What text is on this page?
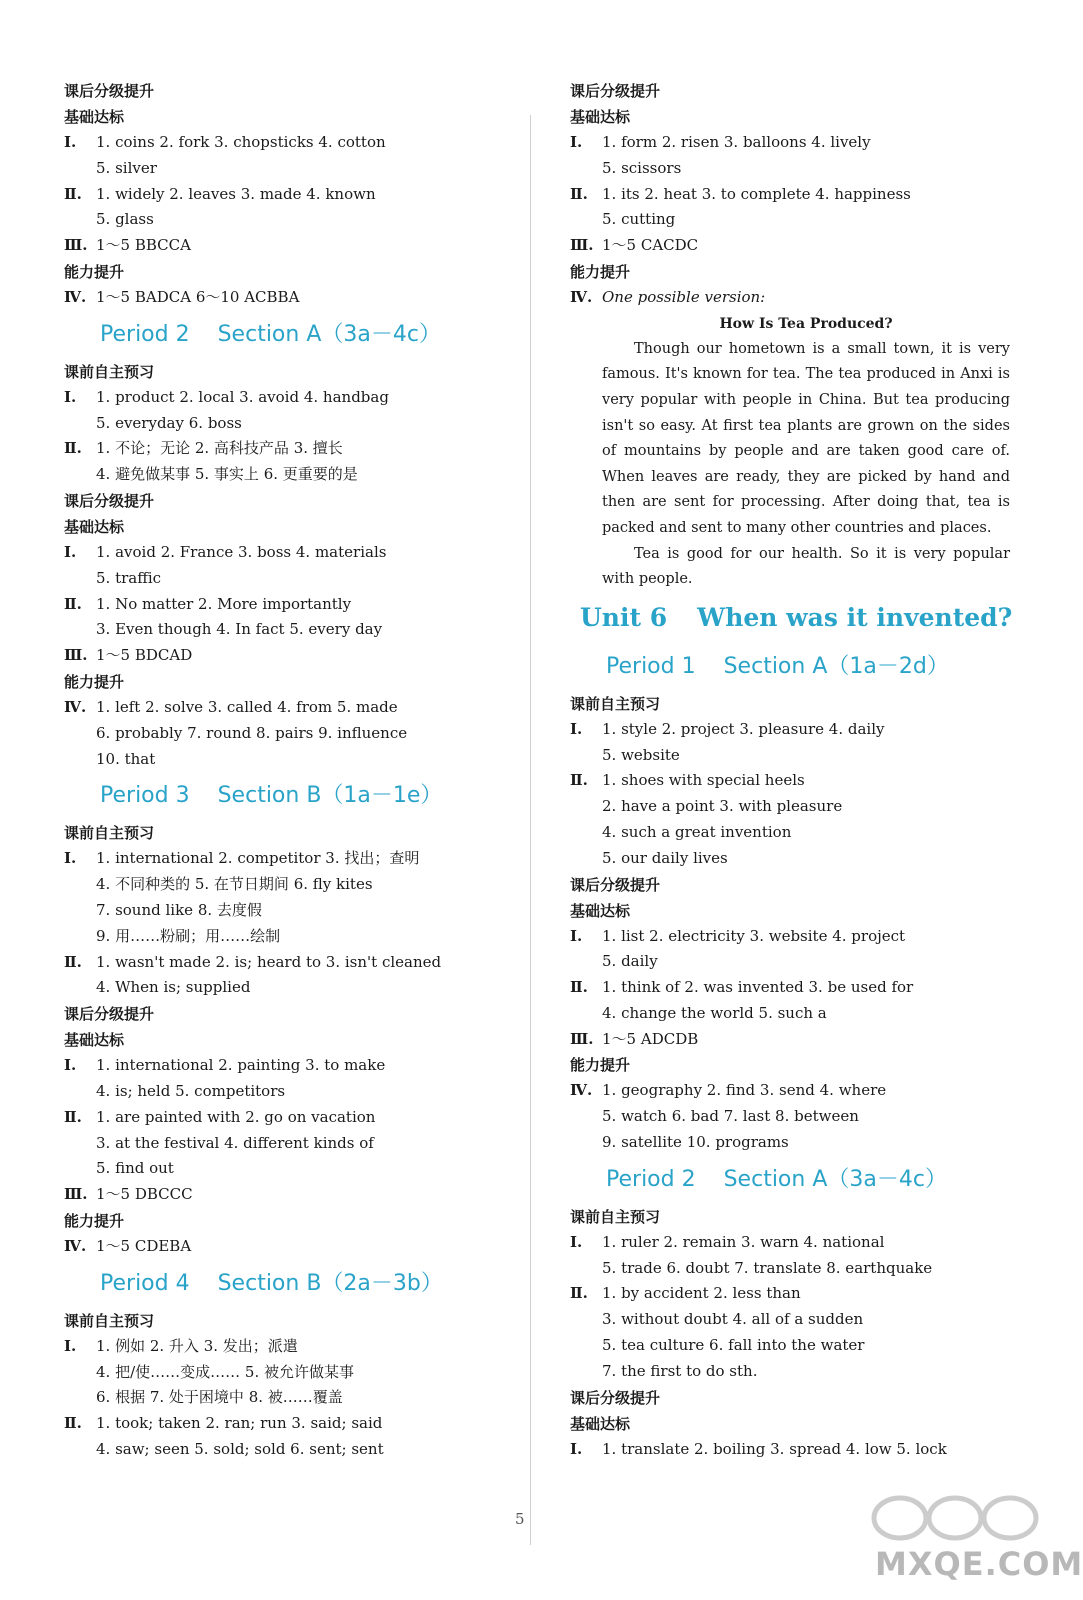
课后分级提升
基础达标
Ⅰ. 1. coins 2. fork 3. chopsticks 4. cotton
5. silver
Ⅱ. 1. widely 2. leaves 3. made 4. known
5. glass
Ⅲ. 1～5 BBCCA
能力提升
Ⅳ. 1～5 BADCA 6～10 ACBBA
Period 2 Section A（3a－4c）
课前自主预习
Ⅰ. 1. product 2. local 3. avoid 4. handbag
5. everyday 6. boss
Ⅱ. 1. 不论；无论 2. 高科技产品 3. 擅长
4. 避免做某事 5. 事实上 6. 更重要的是
课后分级提升
基础达标
Ⅰ. 1. avoid 2. France 3. boss 4. materials
5. traffic
Ⅱ. 1. No matter 2. More importantly
3. Even though 4. In fact 5. every day
Ⅲ. 1～5 BDCAD
能力提升
Ⅳ. 1. left 2. solve 3. called 4. from 5. made
6. probably 7. round 8. pairs 9. influence
10. that
Period 3 Section B（1a－1e）
课前自主预习
Ⅰ. 1. international 2. competitor 3. 找出；查明
4. 不同种类的 5. 在节日期间 6. fly kites
7. sound like 8. 去度假
9. 用……粉刷；用……绘制
Ⅱ. 1. wasn't made 2. is; heard to 3. isn't cleaned
4. When is; supplied
课后分级提升
基础达标
Ⅰ. 1. international 2. painting 3. to make
4. is; held 5. competitors
Ⅱ. 1. are painted with 2. go on vacation
3. at the festival 4. different kinds of
5. find out
Ⅲ. 1～5 DBCCC
能力提升
Ⅳ. 1～5 CDEBA
Period 4 Section B（2a－3b）
课前自主预习
Ⅰ. 1. 例如 2. 升入 3. 发出；派遣
4. 把/使……变成…… 5. 被允许做某事
6. 根据 7. 处于困境中 8. 被……覆盖
Ⅱ. 1. took; taken 2. ran; run 3. said; said
4. saw; seen 5. sold; sold 6. sent; sent
课后分级提升
基础达标
Ⅰ. 1. form 2. risen 3. balloons 4. lively
5. scissors
Ⅱ. 1. its 2. heat 3. to complete 4. happiness
5. cutting
Ⅲ. 1～5 CACDC
能力提升
Ⅳ. One possible version:
How Is Tea Produced?
Though our hometown is a small town, it is very famous. It's known for tea. The tea produced in Anxi is very popular with people in China. But tea producing isn't so easy. At first tea plants are grown on the sides of mountains by people and are taken good care of. When leaves are ready, they are picked by hand and then are sent for processing. After doing that, tea is packed and sent to many other countries and places.
Tea is good for our health. So it is very popular with people.
Unit 6 When was it invented?
Period 1 Section A（1a－2d）
课前自主预习
Ⅰ. 1. style 2. project 3. pleasure 4. daily
5. website
Ⅱ. 1. shoes with special heels
2. have a point 3. with pleasure
4. such a great invention
5. our daily lives
课后分级提升
基础达标
Ⅰ. 1. list 2. electricity 3. website 4. project
5. daily
Ⅱ. 1. think of 2. was invented 3. be used for
4. change the world 5. such a
Ⅲ. 1～5 ADCDB
能力提升
Ⅳ. 1. geography 2. find 3. send 4. where
5. watch 6. bad 7. last 8. between
9. satellite 10. programs
Period 2 Section A（3a－4c）
课前自主预习
Ⅰ. 1. ruler 2. remain 3. warn 4. national
5. trade 6. doubt 7. translate 8. earthquake
Ⅱ. 1. by accident 2. less than
3. without doubt 4. all of a sudden
5. tea culture 6. fall into the water
7. the first to do sth.
课后分级提升
基础达标
Ⅰ. 1. translate 2. boiling 3. spread 4. low 5. lock
5
MXQE.COM
